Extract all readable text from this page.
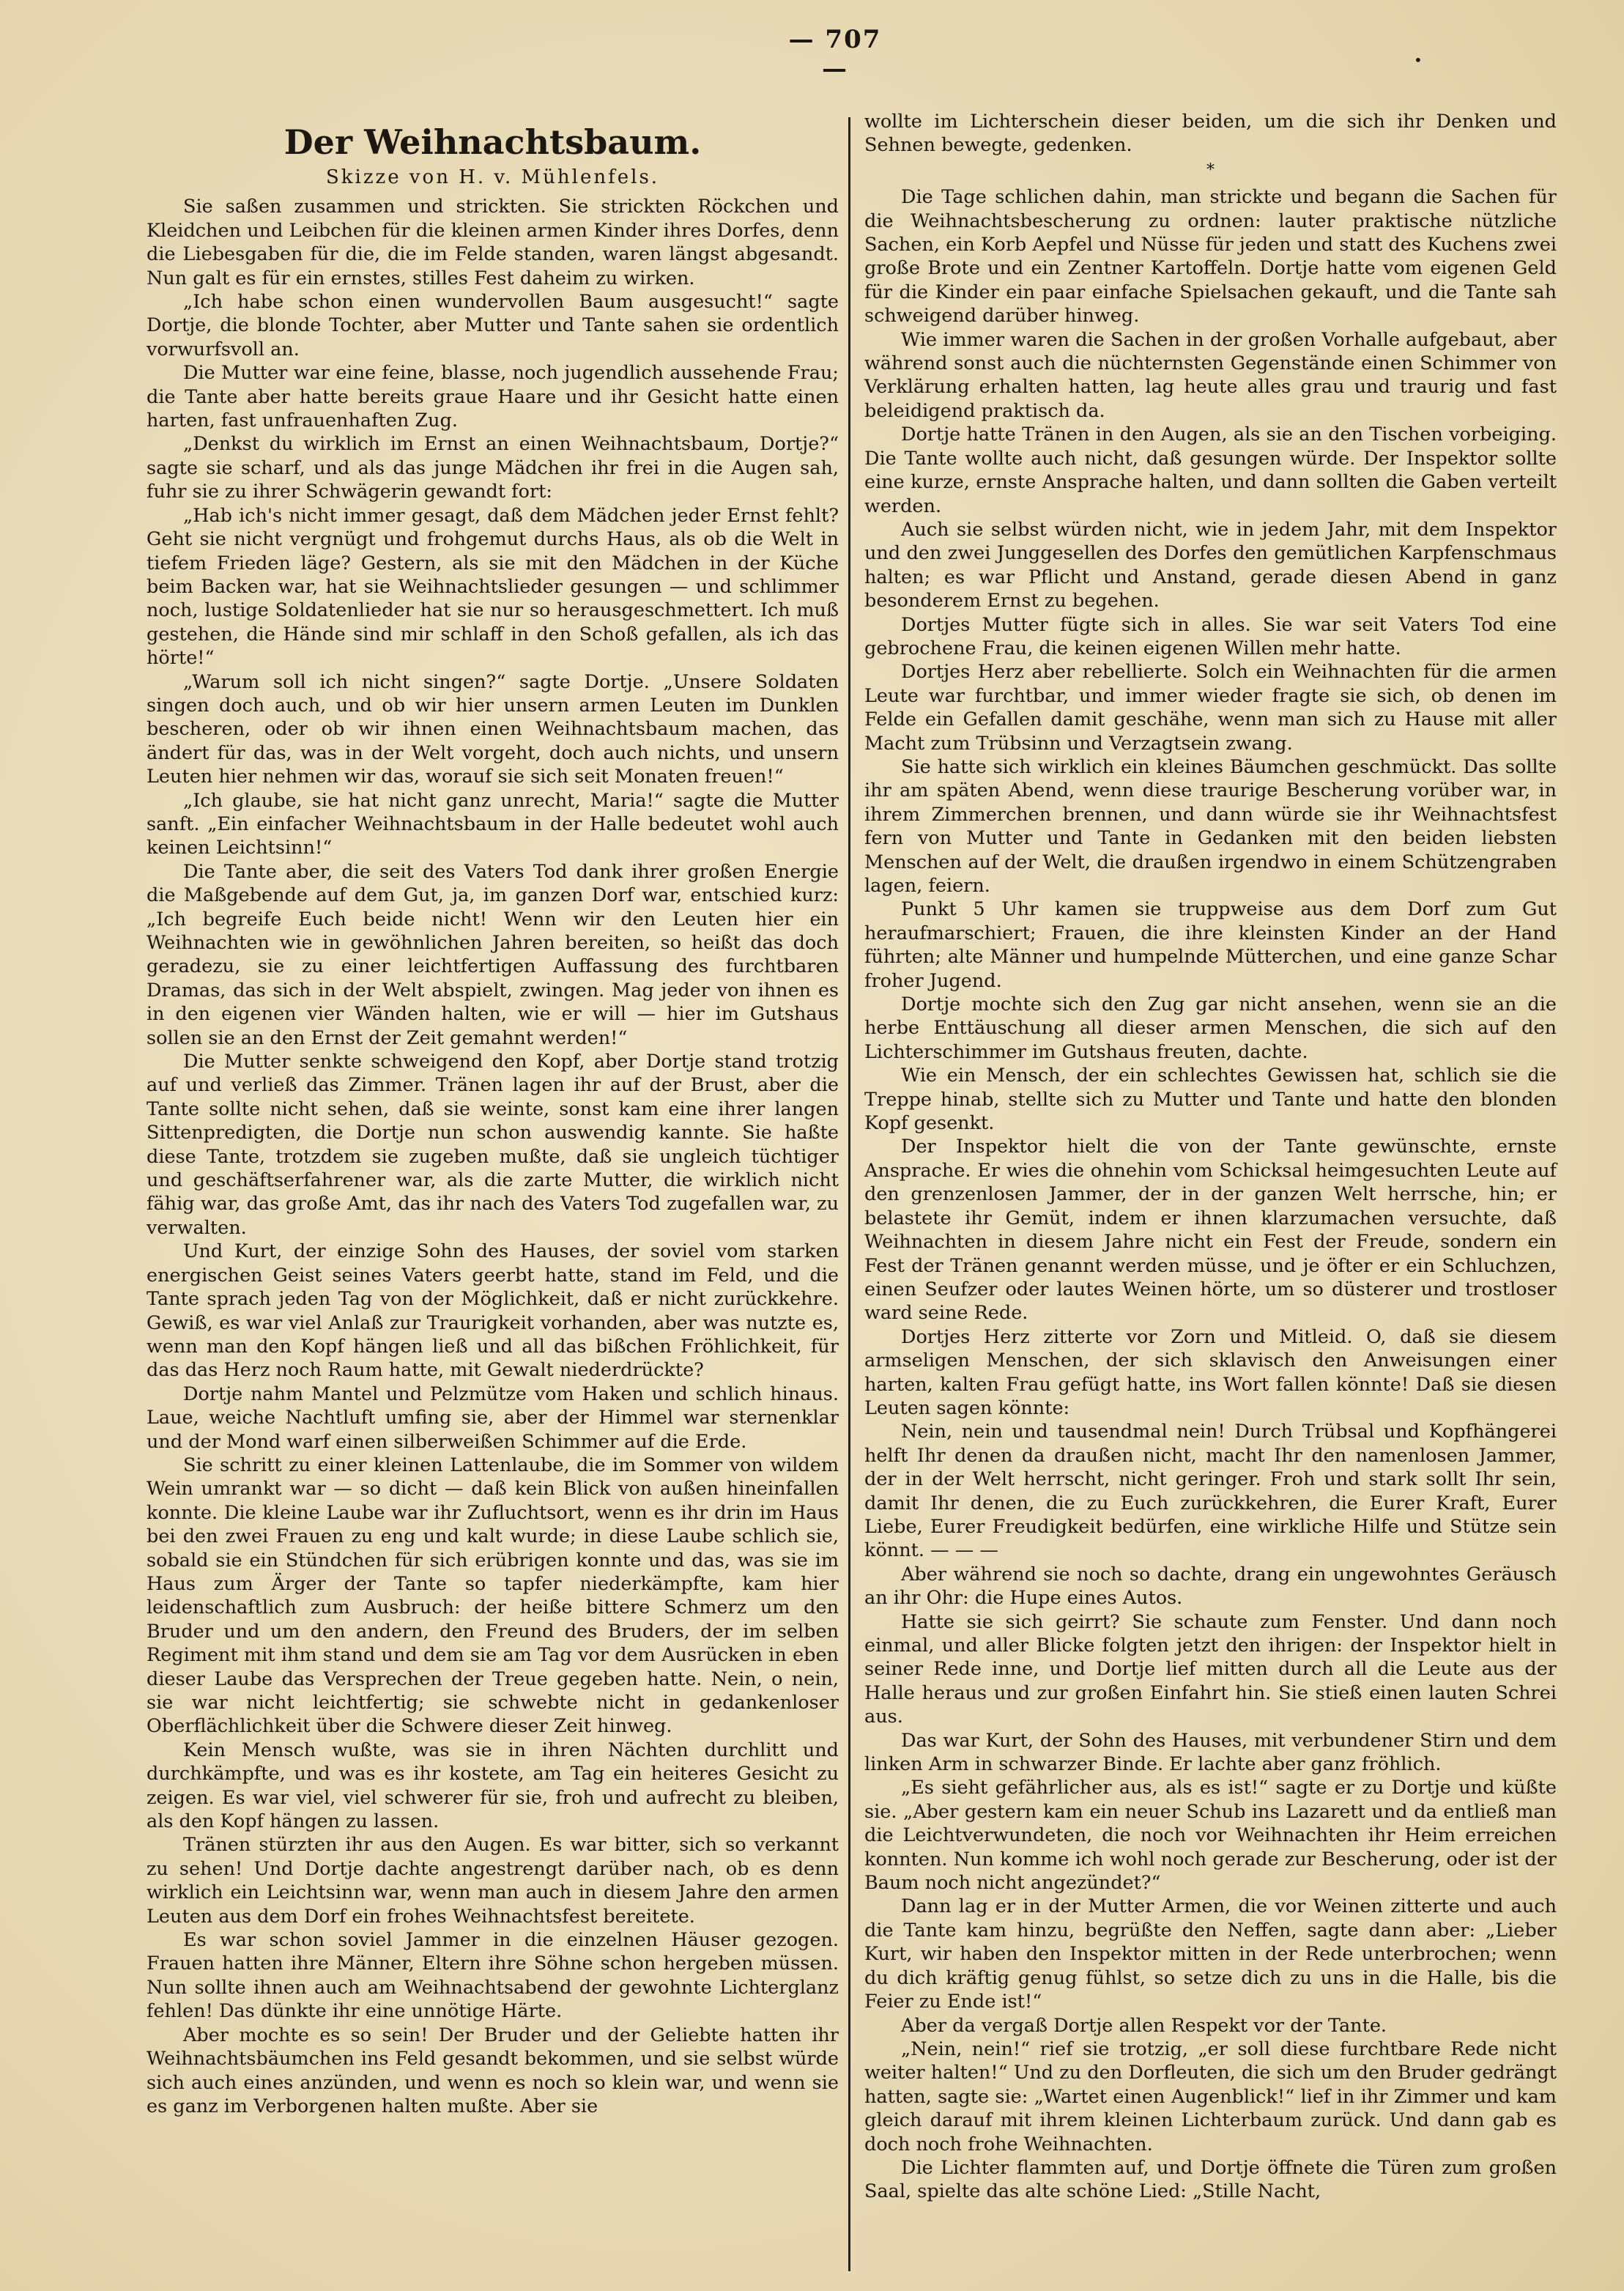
— 707 —	•
Der Weihnachtsbaum.
Skizze von H. v. Mühlenfels.

Sie saßen zusammen und strickten. Sie strickten Röckchen und Kleidchen und Leibchen für die kleinen armen Kinder ihres Dorfes, denn die Liebesgaben für die, die im Felde standen, waren längst abgesandt. Nun galt es für ein ernstes, stilles Fest daheim zu wirken.

„Ich habe schon einen wundervollen Baum ausgesucht!“ sagte Dortje, die blonde Tochter, aber Mutter und Tante sahen sie ordentlich vorwurfsvoll an.

Die Mutter war eine feine, blasse, noch jugendlich aussehende Frau; die Tante aber hatte bereits graue Haare und ihr Gesicht hatte einen harten, fast unfrauenhaften Zug.

„Denkst du wirklich im Ernst an einen Weihnachtsbaum, Dortje?“ sagte sie scharf, und als das junge Mädchen ihr frei in die Augen sah, fuhr sie zu ihrer Schwägerin gewandt fort:

„Hab ich's nicht immer gesagt, daß dem Mädchen jeder Ernst fehlt? Geht sie nicht vergnügt und frohgemut durchs Haus, als ob die Welt in tiefem Frieden läge? Gestern, als sie mit den Mädchen in der Küche beim Backen war, hat sie Weihnachtslieder gesungen — und schlimmer noch, lustige Soldatenlieder hat sie nur so herausgeschmettert. Ich muß gestehen, die Hände sind mir schlaff in den Schoß gefallen, als ich das hörte!“

„Warum soll ich nicht singen?“ sagte Dortje. „Unsere Soldaten singen doch auch, und ob wir hier unsern armen Leuten im Dunklen bescheren, oder ob wir ihnen einen Weihnachtsbaum machen, das ändert für das, was in der Welt vorgeht, doch auch nichts, und unsern Leuten hier nehmen wir das, worauf sie sich seit Monaten freuen!“

„Ich glaube, sie hat nicht ganz unrecht, Maria!“ sagte die Mutter sanft. „Ein einfacher Weihnachtsbaum in der Halle bedeutet wohl auch keinen Leichtsinn!“

Die Tante aber, die seit des Vaters Tod dank ihrer großen Energie die Maßgebende auf dem Gut, ja, im ganzen Dorf war, entschied kurz: „Ich begreife Euch beide nicht! Wenn wir den Leuten hier ein Weihnachten wie in gewöhnlichen Jahren bereiten, so heißt das doch geradezu, sie zu einer leichtfertigen Auffassung des furchtbaren Dramas, das sich in der Welt abspielt, zwingen. Mag jeder von ihnen es in den eigenen vier Wänden halten, wie er will — hier im Gutshaus sollen sie an den Ernst der Zeit gemahnt werden!“

Die Mutter senkte schweigend den Kopf, aber Dortje stand trotzig auf und verließ das Zimmer. Tränen lagen ihr auf der Brust, aber die Tante sollte nicht sehen, daß sie weinte, sonst kam eine ihrer langen Sittenpredigten, die Dortje nun schon auswendig kannte. Sie haßte diese Tante, trotzdem sie zugeben mußte, daß sie ungleich tüchtiger und geschäftserfahrener war, als die zarte Mutter, die wirklich nicht fähig war, das große Amt, das ihr nach des Vaters Tod zugefallen war, zu verwalten.

Und Kurt, der einzige Sohn des Hauses, der soviel vom starken energischen Geist seines Vaters geerbt hatte, stand im Feld, und die Tante sprach jeden Tag von der Möglichkeit, daß er nicht zurückkehre. Gewiß, es war viel Anlaß zur Traurigkeit vorhanden, aber was nutzte es, wenn man den Kopf hängen ließ und all das bißchen Fröhlichkeit, für das das Herz noch Raum hatte, mit Gewalt niederdrückte?

Dortje nahm Mantel und Pelzmütze vom Haken und schlich hinaus. Laue, weiche Nachtluft umfing sie, aber der Himmel war sternenklar und der Mond warf einen silberweißen Schimmer auf die Erde.

Sie schritt zu einer kleinen Lattenlaube, die im Sommer von wildem Wein umrankt war — so dicht — daß kein Blick von außen hineinfallen konnte. Die kleine Laube war ihr Zufluchtsort, wenn es ihr drin im Haus bei den zwei Frauen zu eng und kalt wurde; in diese Laube schlich sie, sobald sie ein Stündchen für sich erübrigen konnte und das, was sie im Haus zum Ärger der Tante so tapfer niederkämpfte, kam hier leidenschaftlich zum Ausbruch: der heiße bittere Schmerz um den Bruder und um den andern, den Freund des Bruders, der im selben Regiment mit ihm stand und dem sie am Tag vor dem Ausrücken in eben dieser Laube das Versprechen der Treue gegeben hatte. Nein, o nein, sie war nicht leichtfertig; sie schwebte nicht in gedankenloser Oberflächlichkeit über die Schwere dieser Zeit hinweg.

Kein Mensch wußte, was sie in ihren Nächten durchlitt und durchkämpfte, und was es ihr kostete, am Tag ein heiteres Gesicht zu zeigen. Es war viel, viel schwerer für sie, froh und aufrecht zu bleiben, als den Kopf hängen zu lassen.

Tränen stürzten ihr aus den Augen. Es war bitter, sich so verkannt zu sehen! Und Dortje dachte angestrengt darüber nach, ob es denn wirklich ein Leichtsinn war, wenn man auch in diesem Jahre den armen Leuten aus dem Dorf ein frohes Weihnachtsfest bereitete.

Es war schon soviel Jammer in die einzelnen Häuser gezogen. Frauen hatten ihre Männer, Eltern ihre Söhne schon hergeben müssen. Nun sollte ihnen auch am Weihnachtsabend der gewohnte Lichterglanz fehlen! Das dünkte ihr eine unnötige Härte.

Aber mochte es so sein! Der Bruder und der Geliebte hatten ihr Weihnachtsbäumchen ins Feld gesandt bekommen, und sie selbst würde sich auch eines anzünden, und wenn es noch so klein war, und wenn sie es ganz im Verborgenen halten mußte. Aber sie

wollte im Lichterschein dieser beiden, um die sich ihr Denken und Sehnen bewegte, gedenken.

*

Die Tage schlichen dahin, man strickte und begann die Sachen für die Weihnachtsbescherung zu ordnen: lauter praktische nützliche Sachen, ein Korb Aepfel und Nüsse für jeden und statt des Kuchens zwei große Brote und ein Zentner Kartoffeln. Dortje hatte vom eigenen Geld für die Kinder ein paar einfache Spielsachen gekauft, und die Tante sah schweigend darüber hinweg.

Wie immer waren die Sachen in der großen Vorhalle aufgebaut, aber während sonst auch die nüchternsten Gegenstände einen Schimmer von Verklärung erhalten hatten, lag heute alles grau und traurig und fast beleidigend praktisch da.

Dortje hatte Tränen in den Augen, als sie an den Tischen vorbeiging. Die Tante wollte auch nicht, daß gesungen würde. Der Inspektor sollte eine kurze, ernste Ansprache halten, und dann sollten die Gaben verteilt werden.

Auch sie selbst würden nicht, wie in jedem Jahr, mit dem Inspektor und den zwei Junggesellen des Dorfes den gemütlichen Karpfenschmaus halten; es war Pflicht und Anstand, gerade diesen Abend in ganz besonderem Ernst zu begehen.

Dortjes Mutter fügte sich in alles. Sie war seit Vaters Tod eine gebrochene Frau, die keinen eigenen Willen mehr hatte.

Dortjes Herz aber rebellierte. Solch ein Weihnachten für die armen Leute war furchtbar, und immer wieder fragte sie sich, ob denen im Felde ein Gefallen damit geschähe, wenn man sich zu Hause mit aller Macht zum Trübsinn und Verzagtsein zwang.

Sie hatte sich wirklich ein kleines Bäumchen geschmückt. Das sollte ihr am späten Abend, wenn diese traurige Bescherung vorüber war, in ihrem Zimmerchen brennen, und dann würde sie ihr Weihnachtsfest fern von Mutter und Tante in Gedanken mit den beiden liebsten Menschen auf der Welt, die draußen irgendwo in einem Schützengraben lagen, feiern.

Punkt 5 Uhr kamen sie truppweise aus dem Dorf zum Gut heraufmarschiert; Frauen, die ihre kleinsten Kinder an der Hand führten; alte Männer und humpelnde Mütterchen, und eine ganze Schar froher Jugend.

Dortje mochte sich den Zug gar nicht ansehen, wenn sie an die herbe Enttäuschung all dieser armen Menschen, die sich auf den Lichterschimmer im Gutshaus freuten, dachte.

Wie ein Mensch, der ein schlechtes Gewissen hat, schlich sie die Treppe hinab, stellte sich zu Mutter und Tante und hatte den blonden Kopf gesenkt.

Der Inspektor hielt die von der Tante gewünschte, ernste Ansprache. Er wies die ohnehin vom Schicksal heimgesuchten Leute auf den grenzenlosen Jammer, der in der ganzen Welt herrsche, hin; er belastete ihr Gemüt, indem er ihnen klarzumachen versuchte, daß Weihnachten in diesem Jahre nicht ein Fest der Freude, sondern ein Fest der Tränen genannt werden müsse, und je öfter er ein Schluchzen, einen Seufzer oder lautes Weinen hörte, um so düsterer und trostloser ward seine Rede.

Dortjes Herz zitterte vor Zorn und Mitleid. O, daß sie diesem armseligen Menschen, der sich sklavisch den Anweisungen einer harten, kalten Frau gefügt hatte, ins Wort fallen könnte! Daß sie diesen Leuten sagen könnte:

Nein, nein und tausendmal nein! Durch Trübsal und Kopfhängerei helft Ihr denen da draußen nicht, macht Ihr den namenlosen Jammer, der in der Welt herrscht, nicht geringer. Froh und stark sollt Ihr sein, damit Ihr denen, die zu Euch zurückkehren, die Eurer Kraft, Eurer Liebe, Eurer Freudigkeit bedürfen, eine wirkliche Hilfe und Stütze sein könnt. — — —

Aber während sie noch so dachte, drang ein ungewohntes Geräusch an ihr Ohr: die Hupe eines Autos.

Hatte sie sich geirrt? Sie schaute zum Fenster. Und dann noch einmal, und aller Blicke folgten jetzt den ihrigen: der Inspektor hielt in seiner Rede inne, und Dortje lief mitten durch all die Leute aus der Halle heraus und zur großen Einfahrt hin. Sie stieß einen lauten Schrei aus.

Das war Kurt, der Sohn des Hauses, mit verbundener Stirn und dem linken Arm in schwarzer Binde. Er lachte aber ganz fröhlich.

„Es sieht gefährlicher aus, als es ist!“ sagte er zu Dortje und küßte sie. „Aber gestern kam ein neuer Schub ins Lazarett und da entließ man die Leichtverwundeten, die noch vor Weihnachten ihr Heim erreichen konnten. Nun komme ich wohl noch gerade zur Bescherung, oder ist der Baum noch nicht angezündet?“

Dann lag er in der Mutter Armen, die vor Weinen zitterte und auch die Tante kam hinzu, begrüßte den Neffen, sagte dann aber: „Lieber Kurt, wir haben den Inspektor mitten in der Rede unterbrochen; wenn du dich kräftig genug fühlst, so setze dich zu uns in die Halle, bis die Feier zu Ende ist!“

Aber da vergaß Dortje allen Respekt vor der Tante.

„Nein, nein!“ rief sie trotzig, „er soll diese furchtbare Rede nicht weiter halten!“ Und zu den Dorfleuten, die sich um den Bruder gedrängt hatten, sagte sie: „Wartet einen Augenblick!“ lief in ihr Zimmer und kam gleich darauf mit ihrem kleinen Lichterbaum zurück. Und dann gab es doch noch frohe Weihnachten.

Die Lichter flammten auf, und Dortje öffnete die Türen zum großen Saal, spielte das alte schöne Lied: „Stille Nacht,
